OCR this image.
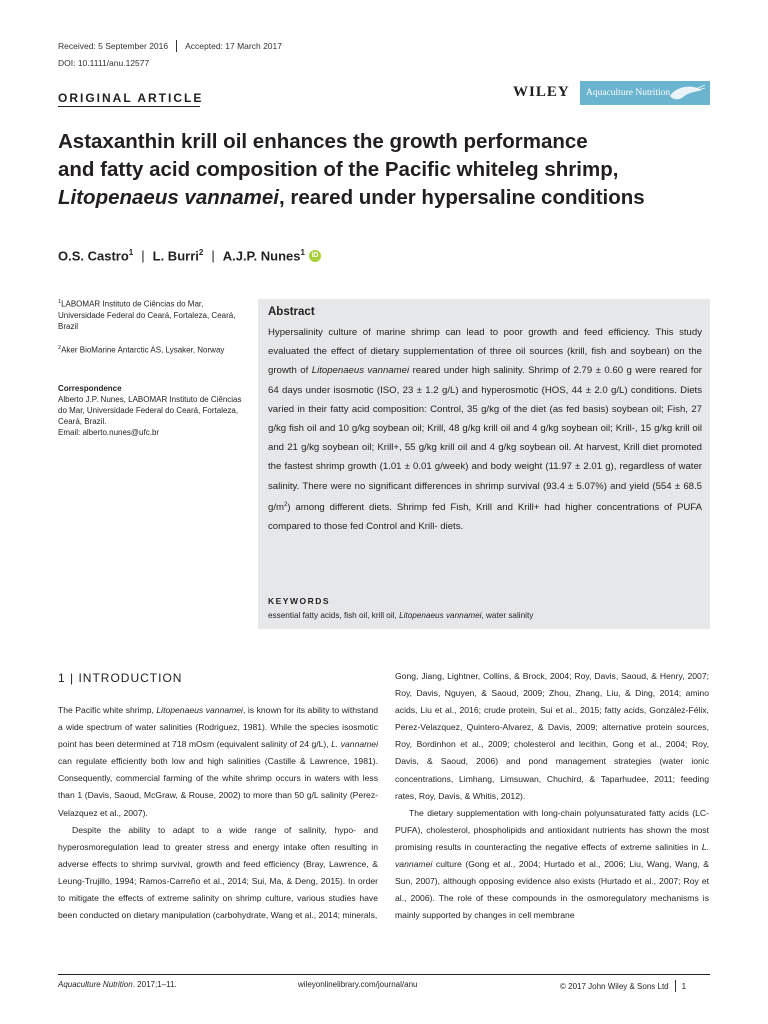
Received: 5 September 2016 Accepted: 17 March 2017
DOI: 10.1111/anu.12577
ORIGINAL ARTICLE	WILEY Aquaculture Nutrition
Astaxanthin krill oil enhances the growth performance
and fatty acid composition of the Pacific whiteleg shrimp,
Litopenaeus vannamei, reared under hypersaline conditions
O.S. Castro$^1$ | L. Burri$^2$ | A.J.P. Nunes$^1$ iD
$^1$LABOMAR Instituto de Ciências do Mar, Universidade Federal do Ceará, Fortaleza, Ceará, Brazil
$^2$Aker BioMarine Antarctic AS, Lysaker, Norway
Correspondence
Alberto J.P. Nunes, LABOMAR Instituto de Ciências do Mar, Universidade Federal do Ceará, Fortaleza, Ceará, Brazil.
Email: alberto.nunes@ufc.br
Abstract
Hypersalinity culture of marine shrimp can lead to poor growth and feed efficiency. This study evaluated the effect of dietary supplementation of three oil sources (krill, fish and soybean) on the growth of Litopenaeus vannamei reared under high salinity. Shrimp of 2.79 ± 0.60 g were reared for 64 days under isosmotic (ISO, 23 ± 1.2 g/L) and hyperosmotic (HOS, 44 ± 2.0 g/L) conditions. Diets varied in their fatty acid composition: Control, 35 g/kg of the diet (as fed basis) soybean oil; Fish, 27 g/kg fish oil and 10 g/kg soybean oil; Krill, 48 g/kg krill oil and 4 g/kg soybean oil; Krill-, 15 g/kg krill oil and 21 g/kg soybean oil; Krill+, 55 g/kg krill oil and 4 g/kg soybean oil. At harvest, Krill diet promoted the fastest shrimp growth (1.01 ± 0.01 g/week) and body weight (11.97 ± 2.01 g), regardless of water salinity. There were no significant differences in shrimp survival (93.4 ± 5.07%) and yield (554 ± 68.5 $g/m^2$) among different diets. Shrimp fed Fish, Krill and Krill+ had higher concentrations of PUFA compared to those fed Control and Krill- diets.
KEYWORDS
essential fatty acids, fish oil, krill oil, Litopenaeus vannamei, water salinity
1 | INTRODUCTION

The Pacific white shrimp, Litopenaeus vannamei, is known for its ability to withstand a wide spectrum of water salinities (Rodriguez, 1981). While the species isosmotic point has been determined at 718 mOsm (equivalent salinity of 24 g/L), L. vannamei can regulate efficiently both low and high salinities (Castille & Lawrence, 1981). Consequently, commercial farming of the white shrimp occurs in waters with less than 1 (Davis, Saoud, McGraw, & Rouse, 2002) to more than 50 g/L salinity (Perez-Velazquez et al., 2007).

Despite the ability to adapt to a wide range of salinity, hypo- and hyperosmoregulation lead to greater stress and energy intake often resulting in adverse effects to shrimp survival, growth and feed efficiency (Bray, Lawrence, & Leung-Trujillo, 1994; Ramos-Carreño et al., 2014; Sui, Ma, & Deng, 2015). In order to mitigate the effects of extreme salinity on shrimp culture, various studies have been conducted on dietary manipulation (carbohydrate, Wang et al., 2014; minerals,

Gong, Jiang, Lightner, Collins, & Brock, 2004; Roy, Davis, Saoud, & Henry, 2007; Roy, Davis, Nguyen, & Saoud, 2009; Zhou, Zhang, Liu, & Ding, 2014; amino acids, Liu et al., 2016; crude protein, Sui et al., 2015; fatty acids, González-Félix, Perez-Velazquez, Quintero-Alvarez, & Davis, 2009; alternative protein sources, Roy, Bordinhon et al., 2009; cholesterol and lecithin, Gong et al., 2004; Roy, Davis, & Saoud, 2006) and pond management strategies (water ionic concentrations, Limhang, Limsuwan, Chuchird, & Taparhudee, 2011; feeding rates, Roy, Davis, & Whitis, 2012).

The dietary supplementation with long-chain polyunsaturated fatty acids (LC-PUFA), cholesterol, phospholipids and antioxidant nutrients has shown the most promising results in counteracting the negative effects of extreme salinities in L. vannamei culture (Gong et al., 2004; Hurtado et al., 2006; Liu, Wang, Wang, & Sun, 2007), although opposing evidence also exists (Hurtado et al., 2007; Roy et al., 2006). The role of these compounds in the osmoregulatory mechanisms is mainly supported by changes in cell membrane

Aquaculture Nutrition. 2017;1–11.	wileyonlinelibrary.com/journal/anu	© 2017 John Wiley & Sons Ltd 1
